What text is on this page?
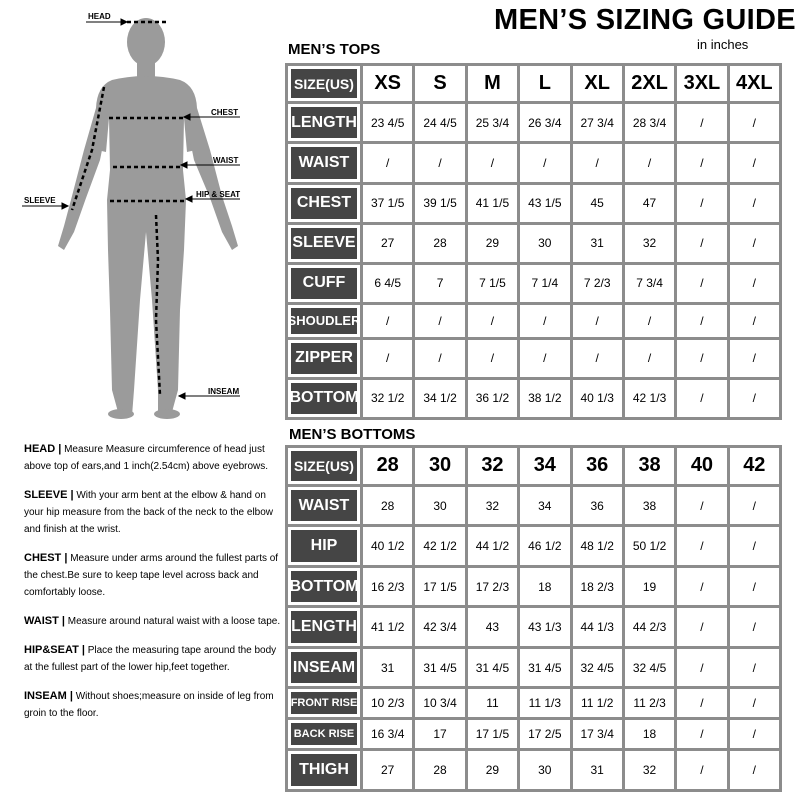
MEN’S SIZING GUIDE
in inches
HEAD
CHEST
WAIST
HIP & SEAT
SLEEVE
INSEAM
MEN’S TOPS
SIZE(US)	XS	S	M	L	XL	2XL	3XL	4XL

LENGTH	23 4/5	24 4/5	25 3/4	26 3/4	27 3/4	28 3/4	/	/

WAIST	/	/	/	/	/	/	/	/

CHEST	37 1/5	39 1/5	41 1/5	43 1/5	45	47	/	/

SLEEVE	27	28	29	30	31	32	/	/

CUFF	6 4/5	7	7 1/5	7 1/4	7 2/3	7 3/4	/	/

SHOUDLER	/	/	/	/	/	/	/	/

ZIPPER	/	/	/	/	/	/	/	/

BOTTOM	32 1/2	34 1/2	36 1/2	38 1/2	40 1/3	42 1/3	/	/
MEN’S BOTTOMS
SIZE(US)	28	30	32	34	36	38	40	42

WAIST	28	30	32	34	36	38	/	/

HIP	40 1/2	42 1/2	44 1/2	46 1/2	48 1/2	50 1/2	/	/

BOTTOM	16 2/3	17 1/5	17 2/3	18	18 2/3	19	/	/

LENGTH	41 1/2	42 3/4	43	43 1/3	44 1/3	44 2/3	/	/

INSEAM	31	31 4/5	31 4/5	31 4/5	32 4/5	32 4/5	/	/

FRONT RISE	10 2/3	10 3/4	11	11 1/3	11 1/2	11 2/3	/	/

BACK RISE	16 3/4	17	17 1/5	17 2/5	17 3/4	18	/	/

THIGH	27	28	29	30	31	32	/	/
HEAD | Measure Measure circumference of head just above top of ears,and 1 inch(2.54cm) above eyebrows.
SLEEVE | With your arm bent at the elbow & hand on your hip measure from the back of the neck to the elbow and finish at the wrist.
CHEST | Measure under arms around the fullest parts of the chest.Be sure to keep tape level across back and comfortably loose.
WAIST | Measure around natural waist with a loose tape.
HIP&SEAT | Place the measuring tape around the body at the fullest part of the lower hip,feet together.
INSEAM | Without shoes;measure on inside of leg from groin to the floor.
